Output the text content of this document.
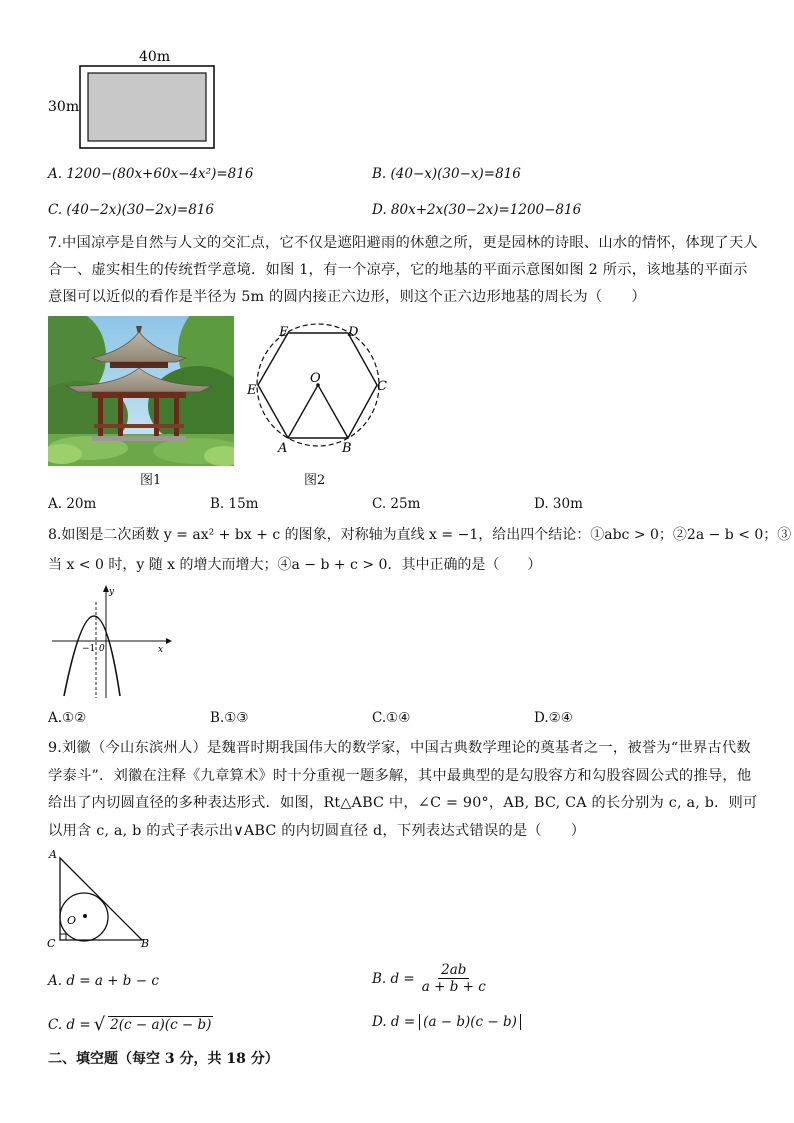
40m
30m
A. 1200−(80x+60x−4x²)=816	B. (40−x)(30−x)=816
C. (40−2x)(30−2x)=816	D. 80x+2x(30−2x)=1200−816
7.中国凉亭是自然与人文的交汇点，它不仅是遮阳避雨的休憩之所，更是园林的诗眼、山水的情怀，体现了天人合一、虚实相生的传统哲学意境．如图 1，有一个凉亭，它的地基的平面示意图如图 2 所示，该地基的平面示意图可以近似的看作是半径为 5m 的圆内接正六边形，则这个正六边形地基的周长为（　　）
图1
E	D
E
O
C
A	B
图2
A. 20m	B. 15m	C. 25m	D. 30m
8.如图是二次函数 y = ax² + bx + c 的图象，对称轴为直线 x = −1，给出四个结论：①abc > 0；②2a − b < 0；③
当 x < 0 时，y 随 x 的增大而增大；④a − b + c > 0．其中正确的是（　　）
y
x
−1 0
A.①②	B.①③	C.①④	D.②④
9.刘徽（今山东滨州人）是魏晋时期我国伟大的数学家，中国古典数学理论的奠基者之一，被誉为“世界古代数学泰斗”．刘徽在注释《九章算术》时十分重视一题多解，其中最典型的是勾股容方和勾股容圆公式的推导，他给出了内切圆直径的多种表达形式．如图，Rt△ABC 中，∠C = 90°，AB, BC, CA 的长分别为 c, a, b．则可以用含 c, a, b 的式子表示出∨ABC 的内切圆直径 d，下列表达式错误的是（　　）
A
O
C	B
A. d = a + b − c	B. $d = \frac{2ab}{a + b + c}$
C. d = √ 2(c − a)(c − b)	D. d = (a − b)(c − b)
二、填空题（每空 3 分，共 18 分）
